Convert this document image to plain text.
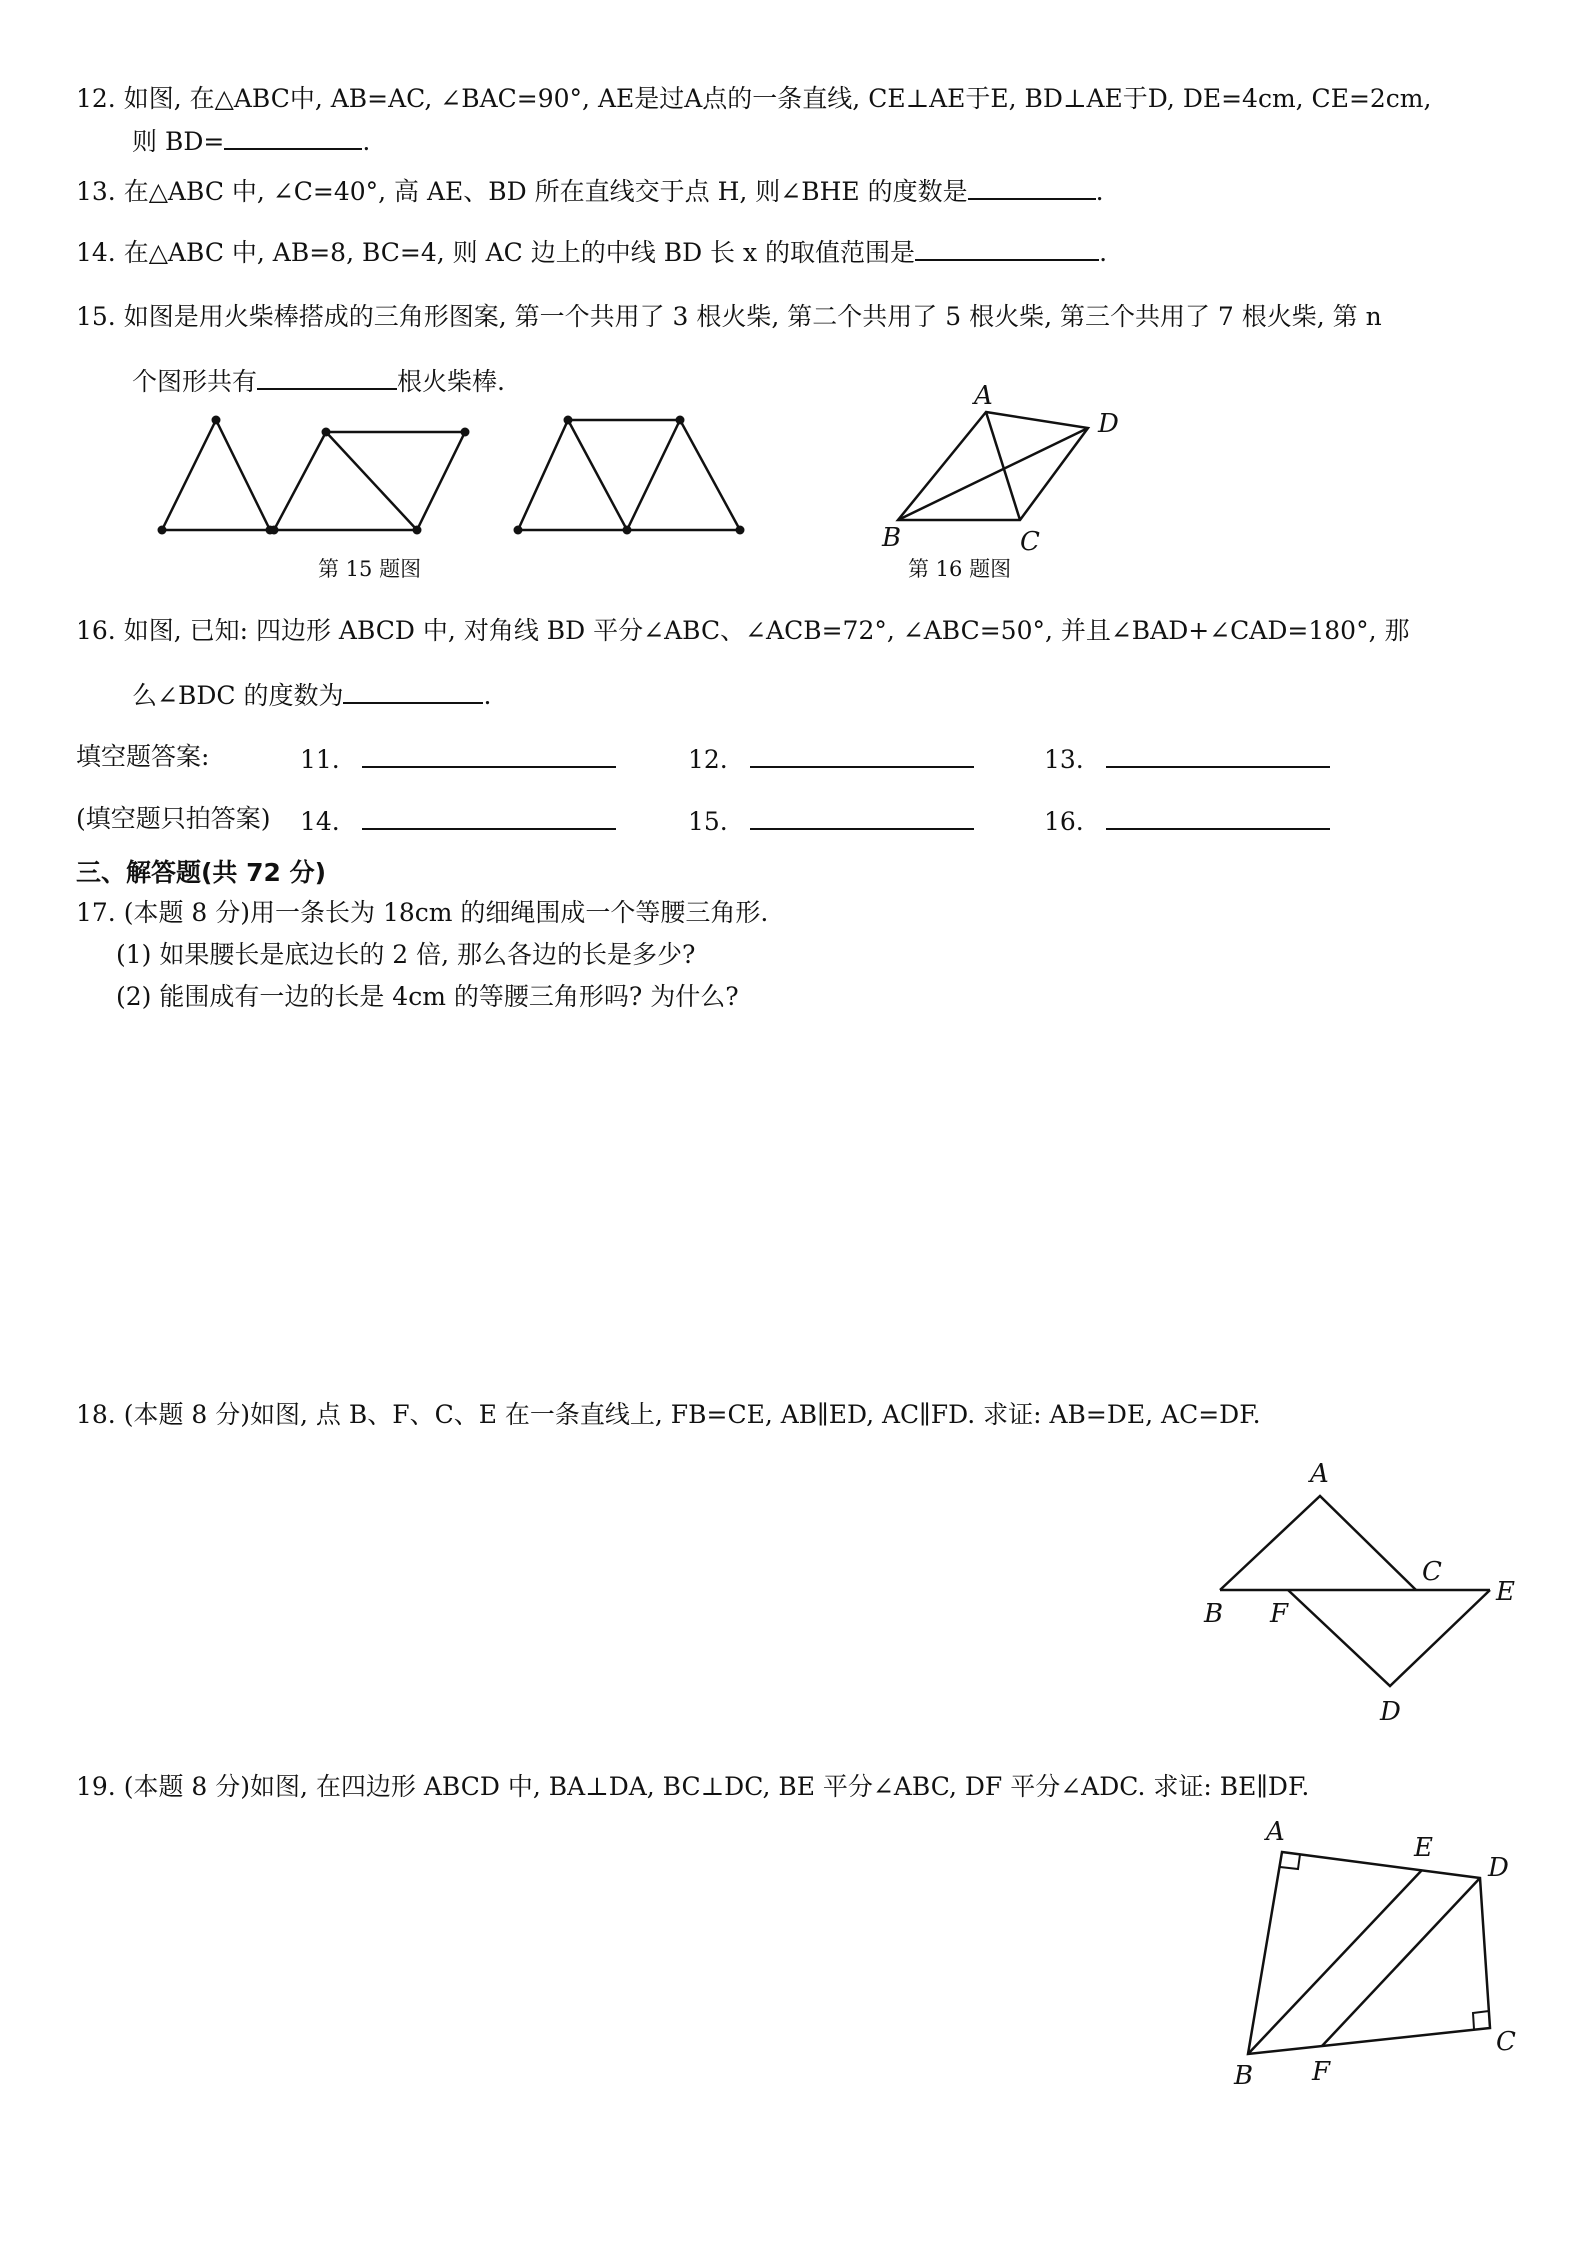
12. 如图, 在△ABC中, AB=AC, ∠BAC=90°, AE是过A点的一条直线, CE⊥AE于E, BD⊥AE于D, DE=4cm, CE=2cm,
则 BD=	.
13. 在△ABC 中, ∠C=40°, 高 AE、BD 所在直线交于点 H, 则∠BHE 的度数是	.
14. 在△ABC 中, AB=8, BC=4, 则 AC 边上的中线 BD 长 x 的取值范围是	.
15. 如图是用火柴棒搭成的三角形图案, 第一个共用了 3 根火柴, 第二个共用了 5 根火柴, 第三个共用了 7 根火柴, 第 n
个图形共有	根火柴棒.
第 15 题图
A
B	C
D
第 16 题图
16. 如图, 已知: 四边形 ABCD 中, 对角线 BD 平分∠ABC、∠ACB=72°, ∠ABC=50°, 并且∠BAD+∠CAD=180°, 那
么∠BDC 的度数为	.
填空题答案:	11.	12.	13.
(填空题只拍答案) 14.	15.	16.
三、解答题(共 72 分)
17. (本题 8 分)用一条长为 18cm 的细绳围成一个等腰三角形.
(1) 如果腰长是底边长的 2 倍, 那么各边的长是多少?
(2) 能围成有一边的长是 4cm 的等腰三角形吗? 为什么?
18. (本题 8 分)如图, 点 B、F、C、E 在一条直线上, FB=CE, AB∥ED, AC∥FD. 求证: AB=DE, AC=DF.
A
B F
C
E
D
19. (本题 8 分)如图, 在四边形 ABCD 中, BA⊥DA, BC⊥DC, BE 平分∠ABC, DF 平分∠ADC. 求证: BE∥DF.
A
E
D
B F
C
